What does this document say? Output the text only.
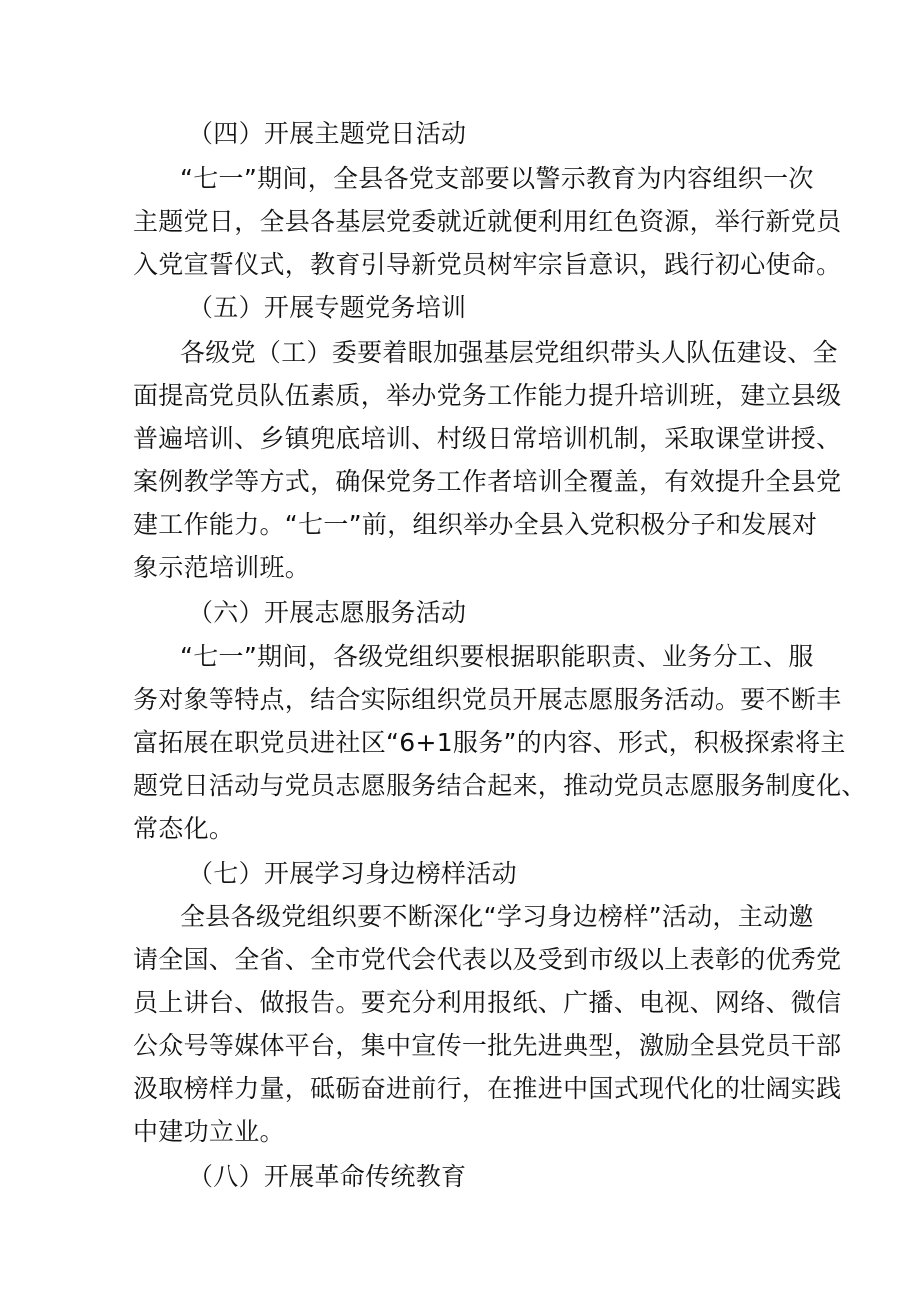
（四）开展主题党日活动
“七一”期间，全县各党支部要以警示教育为内容组织一次
主题党日，全县各基层党委就近就便利用红色资源，举行新党员
入党宣誓仪式，教育引导新党员树牢宗旨意识，践行初心使命。
（五）开展专题党务培训
各级党（工）委要着眼加强基层党组织带头人队伍建设、全
面提高党员队伍素质，举办党务工作能力提升培训班，建立县级
普遍培训、乡镇兜底培训、村级日常培训机制，采取课堂讲授、
案例教学等方式，确保党务工作者培训全覆盖，有效提升全县党
建工作能力。“七一”前，组织举办全县入党积极分子和发展对
象示范培训班。
（六）开展志愿服务活动
“七一”期间，各级党组织要根据职能职责、业务分工、服
务对象等特点，结合实际组织党员开展志愿服务活动。要不断丰
富拓展在职党员进社区“6+1服务”的内容、形式，积极探索将主
题党日活动与党员志愿服务结合起来，推动党员志愿服务制度化、
常态化。
（七）开展学习身边榜样活动
全县各级党组织要不断深化“学习身边榜样”活动，主动邀
请全国、全省、全市党代会代表以及受到市级以上表彰的优秀党
员上讲台、做报告。要充分利用报纸、广播、电视、网络、微信
公众号等媒体平台，集中宣传一批先进典型，激励全县党员干部
汲取榜样力量，砥砺奋进前行，在推进中国式现代化的壮阔实践
中建功立业。
（八）开展革命传统教育
